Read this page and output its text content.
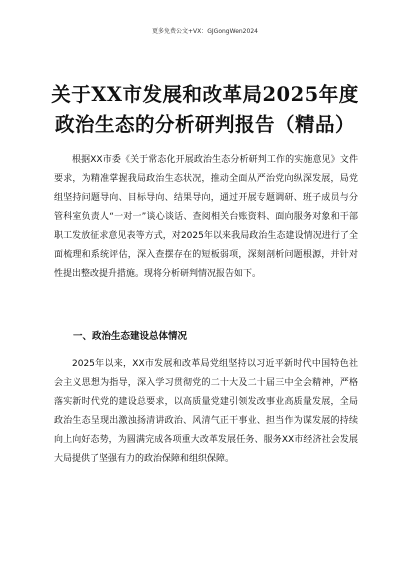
更多免费公文+VX：GJGongWen2024
关于XX市发展和改革局2025年度政治生态的分析研判报告（精品）

根据XX市委《关于常态化开展政治生态分析研判工作的实施意见》文件要求，为精准掌握我局政治生态状况，推动全面从严治党向纵深发展，局党组坚持问题导向、目标导向、结果导向，通过开展专题调研、班子成员与分管科室负责人“一对一”谈心谈话、查阅相关台账资料、面向服务对象和干部职工发放征求意见表等方式，对2025年以来我局政治生态建设情况进行了全面梳理和系统评估，深入查摆存在的短板弱项，深刻剖析问题根源，并针对性提出整改提升措施。现将分析研判情况报告如下。

一、政治生态建设总体情况

2025年以来，XX市发展和改革局党组坚持以习近平新时代中国特色社会主义思想为指导，深入学习贯彻党的二十大及二十届三中全会精神，严格落实新时代党的建设总要求，以高质量党建引领发改事业高质量发展，全局政治生态呈现出激浊扬清讲政治、风清气正干事业、担当作为谋发展的持续向上向好态势，为圆满完成各项重大改革发展任务、服务XX市经济社会发展大局提供了坚强有力的政治保障和组织保障。
